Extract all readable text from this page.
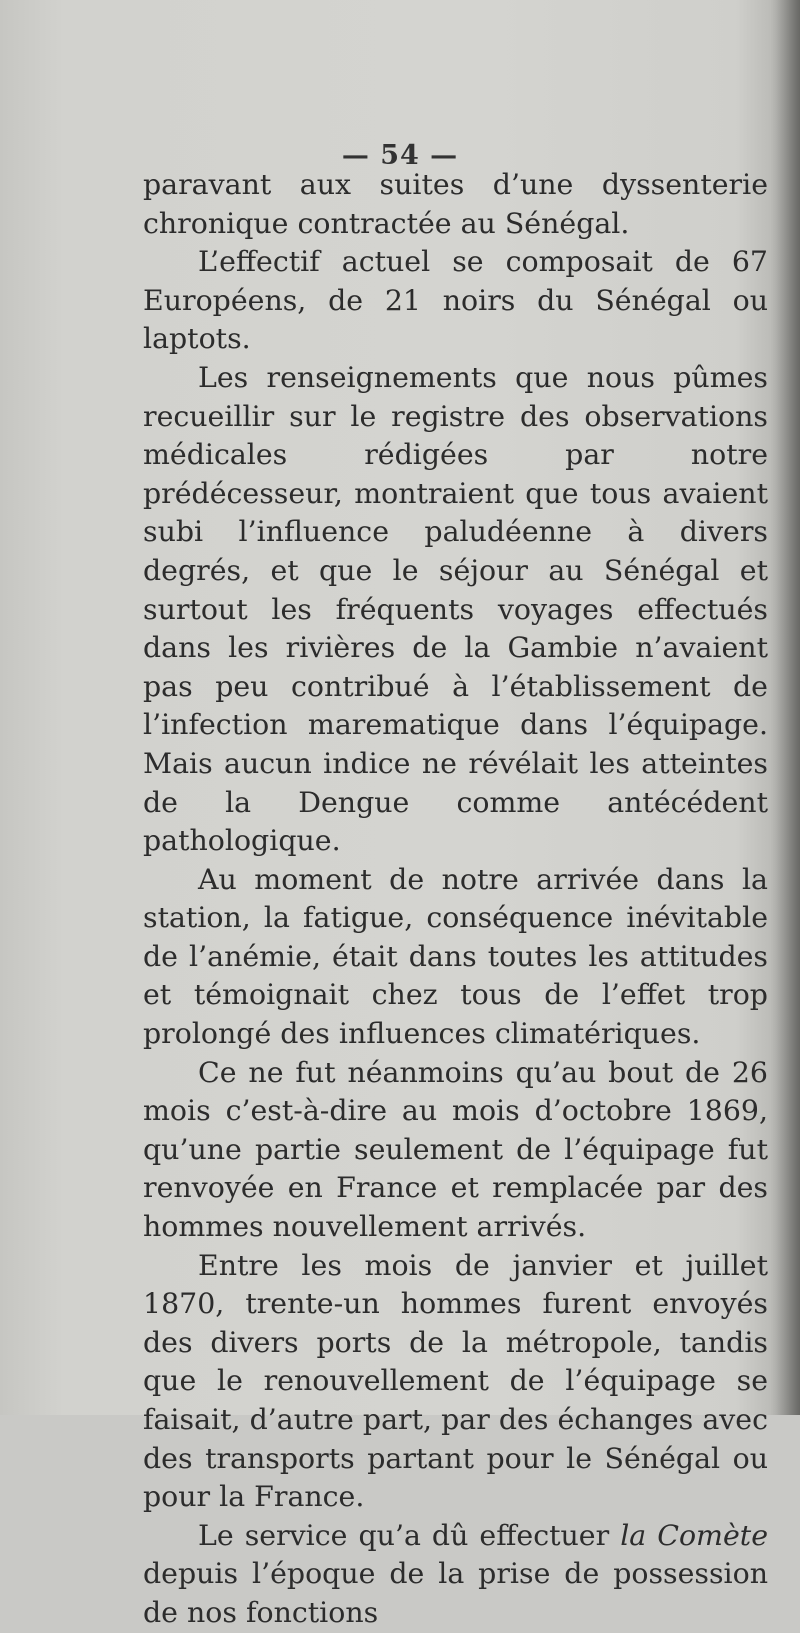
— 54 —

paravant aux suites d’une dyssenterie chronique contractée au Sénégal.

L’effectif actuel se composait de 67 Européens, de 21 noirs du Sénégal ou laptots.

Les renseignements que nous pûmes recueillir sur le registre des observations médicales rédigées par notre prédécesseur, montraient que tous avaient subi l’influence paludéenne à divers degrés, et que le séjour au Sénégal et surtout les fréquents voyages effectués dans les rivières de la Gambie n’avaient pas peu contribué à l’établissement de l’infection marematique dans l’équipage. Mais aucun indice ne révélait les atteintes de la Dengue comme antécédent pathologique.

Au moment de notre arrivée dans la station, la fatigue, conséquence inévitable de l’anémie, était dans toutes les attitudes et témoignait chez tous de l’effet trop prolongé des influences climatériques.

Ce ne fut néanmoins qu’au bout de 26 mois c’est-à-dire au mois d’octobre 1869, qu’une partie seulement de l’équipage fut renvoyée en France et remplacée par des hommes nouvellement arrivés.

Entre les mois de janvier et juillet 1870, trente-un hommes furent envoyés des divers ports de la métropole, tandis que le renouvellement de l’équipage se faisait, d’autre part, par des échanges avec des transports partant pour le Sénégal ou pour la France.

Le service qu’a dû effectuer la Comète depuis l’époque de la prise de possession de nos fonctions
